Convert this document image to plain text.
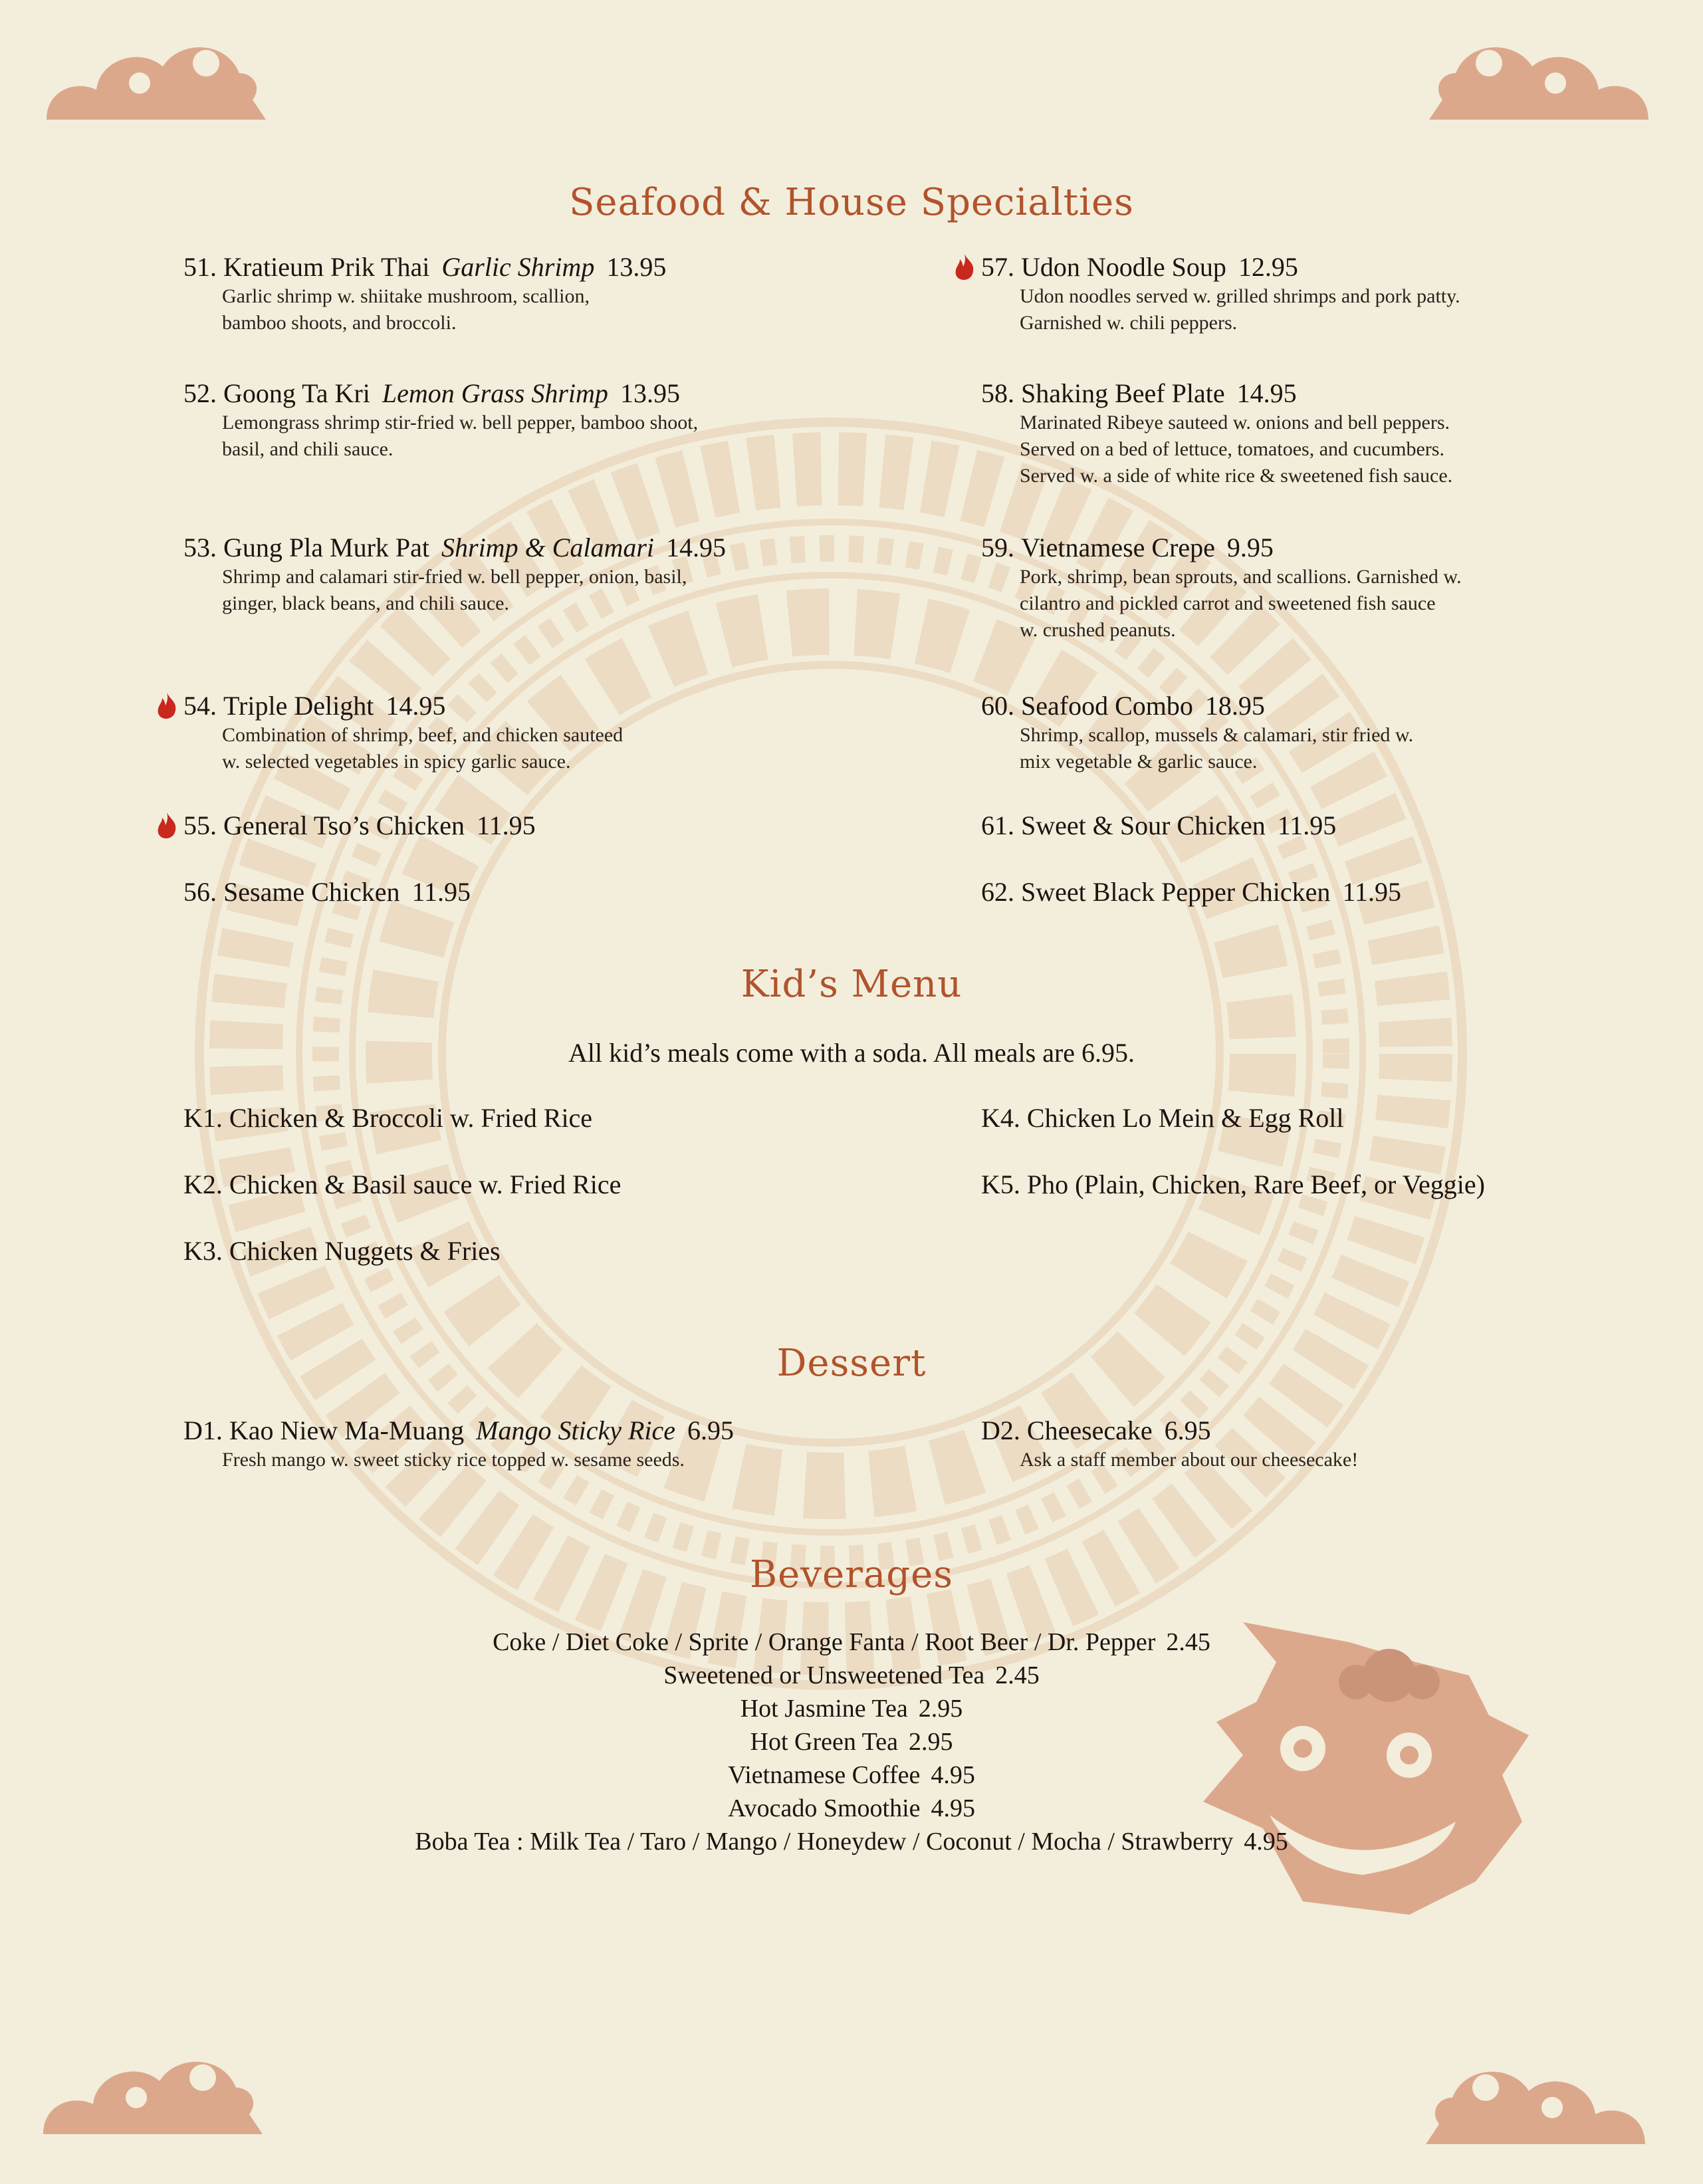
Seafood & House Specialties
51. Kratieum Prik Thai Garlic Shrimp 13.95
Garlic shrimp w. shiitake mushroom, scallion,
bamboo shoots, and broccoli.
52. Goong Ta Kri Lemon Grass Shrimp 13.95
Lemongrass shrimp stir-fried w. bell pepper, bamboo shoot,
basil, and chili sauce.
53. Gung Pla Murk Pat Shrimp & Calamari 14.95
Shrimp and calamari stir-fried w. bell pepper, onion, basil,
ginger, black beans, and chili sauce.
54. Triple Delight 14.95
Combination of shrimp, beef, and chicken sauteed
w. selected vegetables in spicy garlic sauce.
55. General Tso’s Chicken 11.95
56. Sesame Chicken 11.95
57. Udon Noodle Soup 12.95
Udon noodles served w. grilled shrimps and pork patty.
Garnished w. chili peppers.
58. Shaking Beef Plate 14.95
Marinated Ribeye sauteed w. onions and bell peppers.
Served on a bed of lettuce, tomatoes, and cucumbers.
Served w. a side of white rice & sweetened fish sauce.
59. Vietnamese Crepe 9.95
Pork, shrimp, bean sprouts, and scallions. Garnished w.
cilantro and pickled carrot and sweetened fish sauce
w. crushed peanuts.
60. Seafood Combo 18.95
Shrimp, scallop, mussels & calamari, stir fried w.
mix vegetable & garlic sauce.
61. Sweet & Sour Chicken 11.95
62. Sweet Black Pepper Chicken 11.95
Kid’s Menu
All kid’s meals come with a soda. All meals are 6.95.
K1. Chicken & Broccoli w. Fried Rice
K2. Chicken & Basil sauce w. Fried Rice
K3. Chicken Nuggets & Fries
K4. Chicken Lo Mein & Egg Roll
K5. Pho (Plain, Chicken, Rare Beef, or Veggie)
Dessert
D1. Kao Niew Ma-Muang Mango Sticky Rice 6.95
Fresh mango w. sweet sticky rice topped w. sesame seeds.
D2. Cheesecake 6.95
Ask a staff member about our cheesecake!
Beverages
Coke / Diet Coke / Sprite / Orange Fanta / Root Beer / Dr. Pepper 2.45
Sweetened or Unsweetened Tea 2.45
Hot Jasmine Tea 2.95
Hot Green Tea 2.95
Vietnamese Coffee 4.95
Avocado Smoothie 4.95
Boba Tea : Milk Tea / Taro / Mango / Honeydew / Coconut / Mocha / Strawberry 4.95
